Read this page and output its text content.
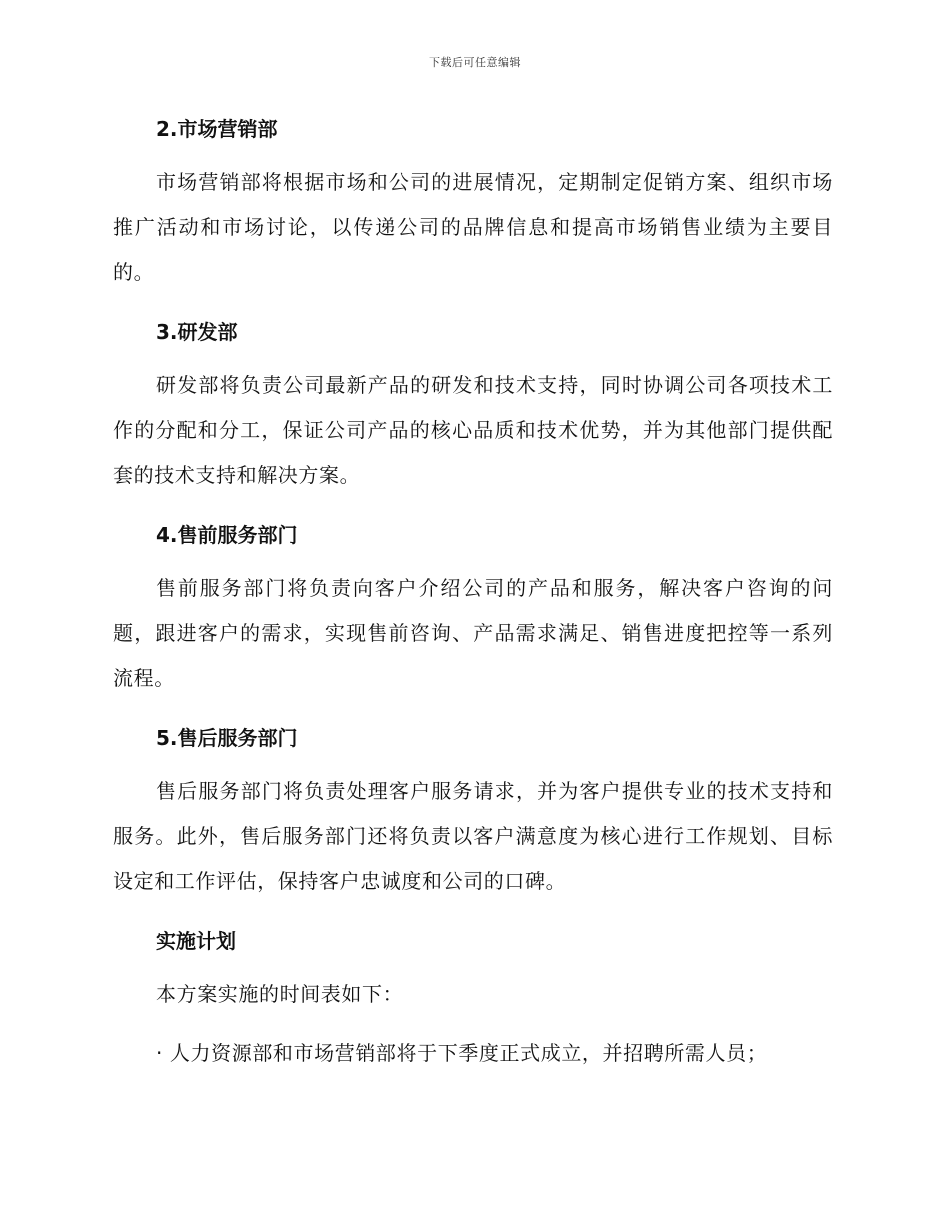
下载后可任意编辑
2.市场营销部

市场营销部将根据市场和公司的进展情况，定期制定促销方案、组织市场推广活动和市场讨论，以传递公司的品牌信息和提高市场销售业绩为主要目的。

3.研发部

研发部将负责公司最新产品的研发和技术支持，同时协调公司各项技术工作的分配和分工，保证公司产品的核心品质和技术优势，并为其他部门提供配套的技术支持和解决方案。

4.售前服务部门

售前服务部门将负责向客户介绍公司的产品和服务，解决客户咨询的问题，跟进客户的需求，实现售前咨询、产品需求满足、销售进度把控等一系列流程。

5.售后服务部门

售后服务部门将负责处理客户服务请求，并为客户提供专业的技术支持和服务。此外，售后服务部门还将负责以客户满意度为核心进行工作规划、目标设定和工作评估，保持客户忠诚度和公司的口碑。

实施计划

本方案实施的时间表如下：

· 人力资源部和市场营销部将于下季度正式成立，并招聘所需人员；
